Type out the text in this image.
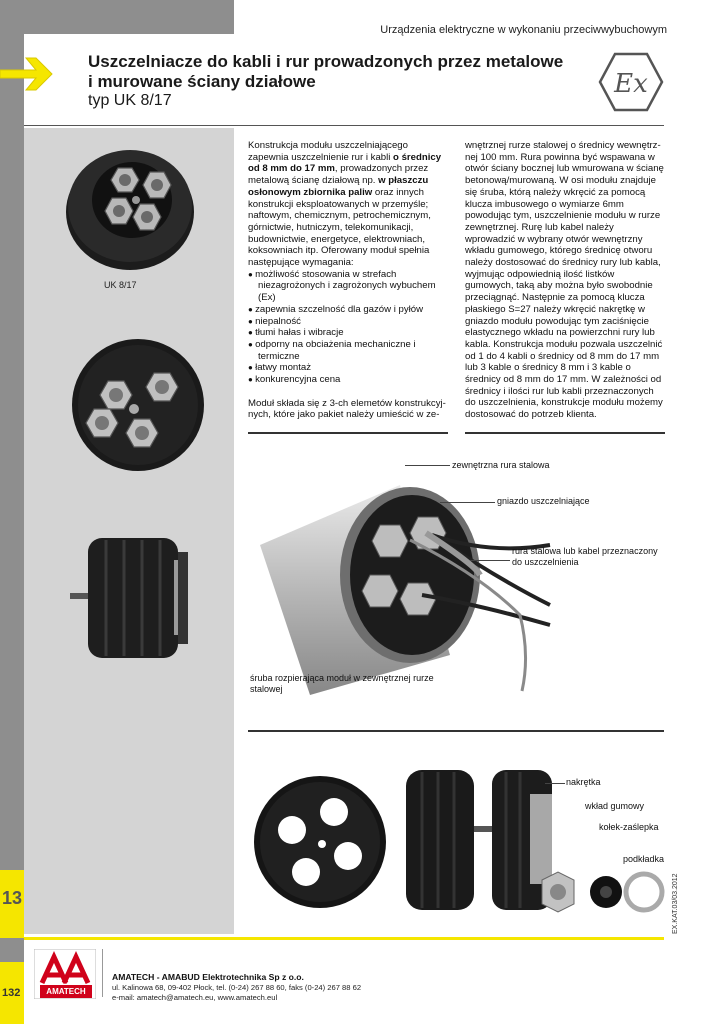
Urządzenia elektryczne w wykonaniu przeciwwybuchowym
Uszczelniacze do kabli i rur prowadzonych przez metalowe i murowane ściany działowe
typ UK 8/17
Ex
UK 8/17

Konstrukcja modułu uszczelniającego zapewnia uszczelnienie rur i kabli o średnicy od 8 mm do 17 mm, prowadzonych przez metalową ścianę działową np. w płaszczu osłonowym zbiornika paliw oraz innych konstrukcji eksploatowanych w przemyśle; naftowym, chemicznym, petrochemicznym, górnictwie, hutniczym, telekomunikacji, budownictwie, energetyce, elektrowniach, koksowniach itp. Oferowany moduł spełnia następujące wymagania:

● możliwość stosowania w strefach niezagrożonych i zagrożonych wybuchem (Ex)
● zapewnia szczelność dla gazów i pyłów
● niepalność
● tłumi hałas i wibracje
● odporny na obciażenia mechaniczne i termiczne
● łatwy montaż
● konkurencyjna cena

Moduł składa się z 3-ch elemetów konstrukcyj-nych, które jako pakiet należy umieścić w ze-

wnętrznej rurze stalowej o średnicy wewnętrz-nej 100 mm. Rura powinna być wspawana w otwór ściany bocznej lub wmurowana w ścianę betonową/murowaną. W osi modułu znajduje się śruba, którą należy wkręcić za pomocą klucza imbusowego o wymiarze 6mm powodując tym, uszczelnienie modułu w rurze zewnętrznej. Rurę lub kabel należy wprowadzić w wybrany otwór wewnętrzny wkładu gumowego, którego średnicę otworu należy dostosować do średnicy rury lub kabla, wyjmując odpowiednią ilość listków gumowych, taką aby można było swobodnie przeciągnąć. Następnie za pomocą klucza płaskiego S=27 należy wkręcić nakrętkę w gniazdo modułu powodując tym zaciśnięcie elastycznego wkładu na powierzchni rury lub kabla. Konstrukcja modułu pozwala uszczelnić od 1 do 4 kabli o średnicy od 8 mm do 17 mm lub 3 kable o średnicy 8 mm i 3 kable o średnicy od 8 mm do 17 mm. W zależności od średnicy i ilości rur lub kabli przeznaczonych do uszczelnienia, konstrukcje modułu możemy dostosować do potrzeb klienta.

zewnętrzna rura stalowa
gniazdo uszczelniające
rura stalowa lub kabel przeznaczony do uszczelnienia
śruba rozpierająca moduł w zewnętrznej rurze stalowej
nakrętka
wkład gumowy
kołek-zaślepka
podkładka
EX.KAT.03/03.2012
13
132	AMATECH
AMATECH - AMABUD Elektrotechnika Sp z o.o.
ul. Kalinowa 68, 09-402 Płock, tel. (0-24) 267 88 60, faks (0-24) 267 88 62
e-mail: amatech@amatech.eu, www.amatech.eul
